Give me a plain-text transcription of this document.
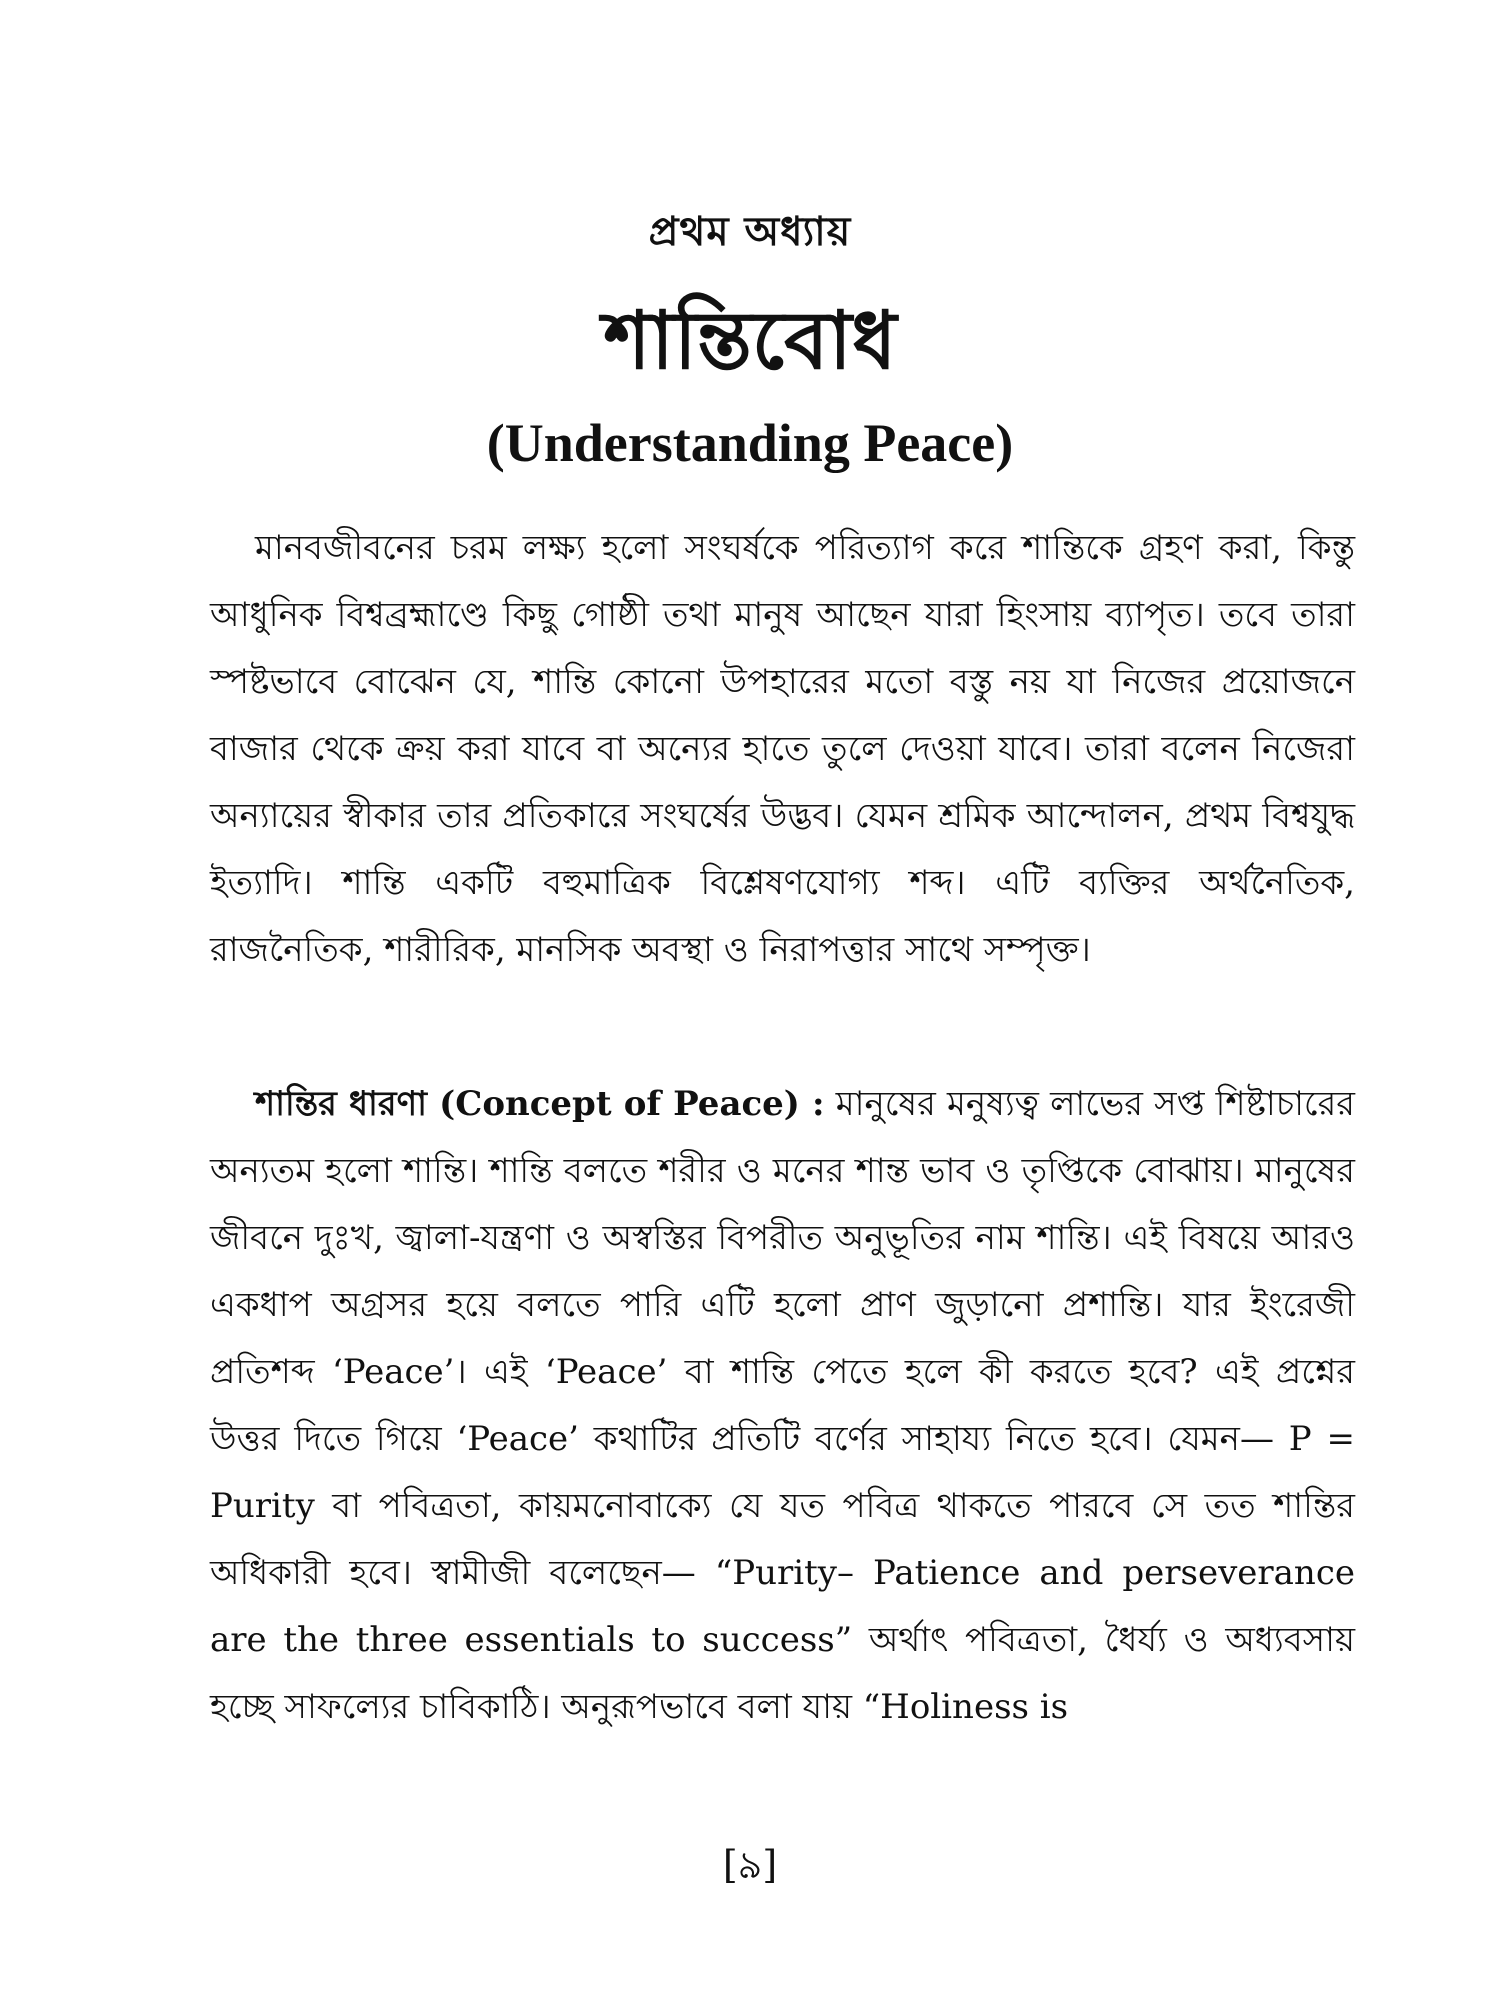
প্রথম অধ্যায়
শান্তিবোধ
(Understanding Peace)

মানবজীবনের চরম লক্ষ্য হলো সংঘর্ষকে পরিত্যাগ করে শান্তিকে গ্রহণ করা, কিন্তু আধুনিক বিশ্বব্রহ্মাণ্ডে কিছু গোষ্ঠী তথা মানুষ আছেন যারা হিংসায় ব্যাপৃত। তবে তারা স্পষ্টভাবে বোঝেন যে, শান্তি কোনো উপহারের মতো বস্তু নয় যা নিজের প্রয়োজনে বাজার থেকে ক্রয় করা যাবে বা অন্যের হাতে তুলে দেওয়া যাবে। তারা বলেন নিজেরা অন্যায়ের স্বীকার তার প্রতিকারে সংঘর্ষের উদ্ভব। যেমন শ্রমিক আন্দোলন, প্রথম বিশ্বযুদ্ধ ইত্যাদি। শান্তি একটি বহুমাত্রিক বিশ্লেষণযোগ্য শব্দ। এটি ব্যক্তির অর্থনৈতিক, রাজনৈতিক, শারীরিক, মানসিক অবস্থা ও নিরাপত্তার সাথে সম্পৃক্ত।

শান্তির ধারণা (Concept of Peace) : মানুষের মনুষ্যত্ব লাভের সপ্ত শিষ্টাচারের অন্যতম হলো শান্তি। শান্তি বলতে শরীর ও মনের শান্ত ভাব ও তৃপ্তিকে বোঝায়। মানুষের জীবনে দুঃখ, জ্বালা-যন্ত্রণা ও অস্বস্তির বিপরীত অনুভূতির নাম শান্তি। এই বিষয়ে আরও একধাপ অগ্রসর হয়ে বলতে পারি এটি হলো প্রাণ জুড়ানো প্রশান্তি। যার ইংরেজী প্রতিশব্দ ‘Peace’। এই ‘Peace’ বা শান্তি পেতে হলে কী করতে হবে? এই প্রশ্নের উত্তর দিতে গিয়ে ‘Peace’ কথাটির প্রতিটি বর্ণের সাহায্য নিতে হবে। যেমন— P = Purity বা পবিত্রতা, কায়মনোবাক্যে যে যত পবিত্র থাকতে পারবে সে তত শান্তির অধিকারী হবে। স্বামীজী বলেছেন— “Purity– Patience and perseverance are the three essentials to success” অর্থাৎ পবিত্রতা, ধৈর্য্য ও অধ্যবসায় হচ্ছে সাফল্যের চাবিকাঠি। অনুরূপভাবে বলা যায় “Holiness is

[৯]
